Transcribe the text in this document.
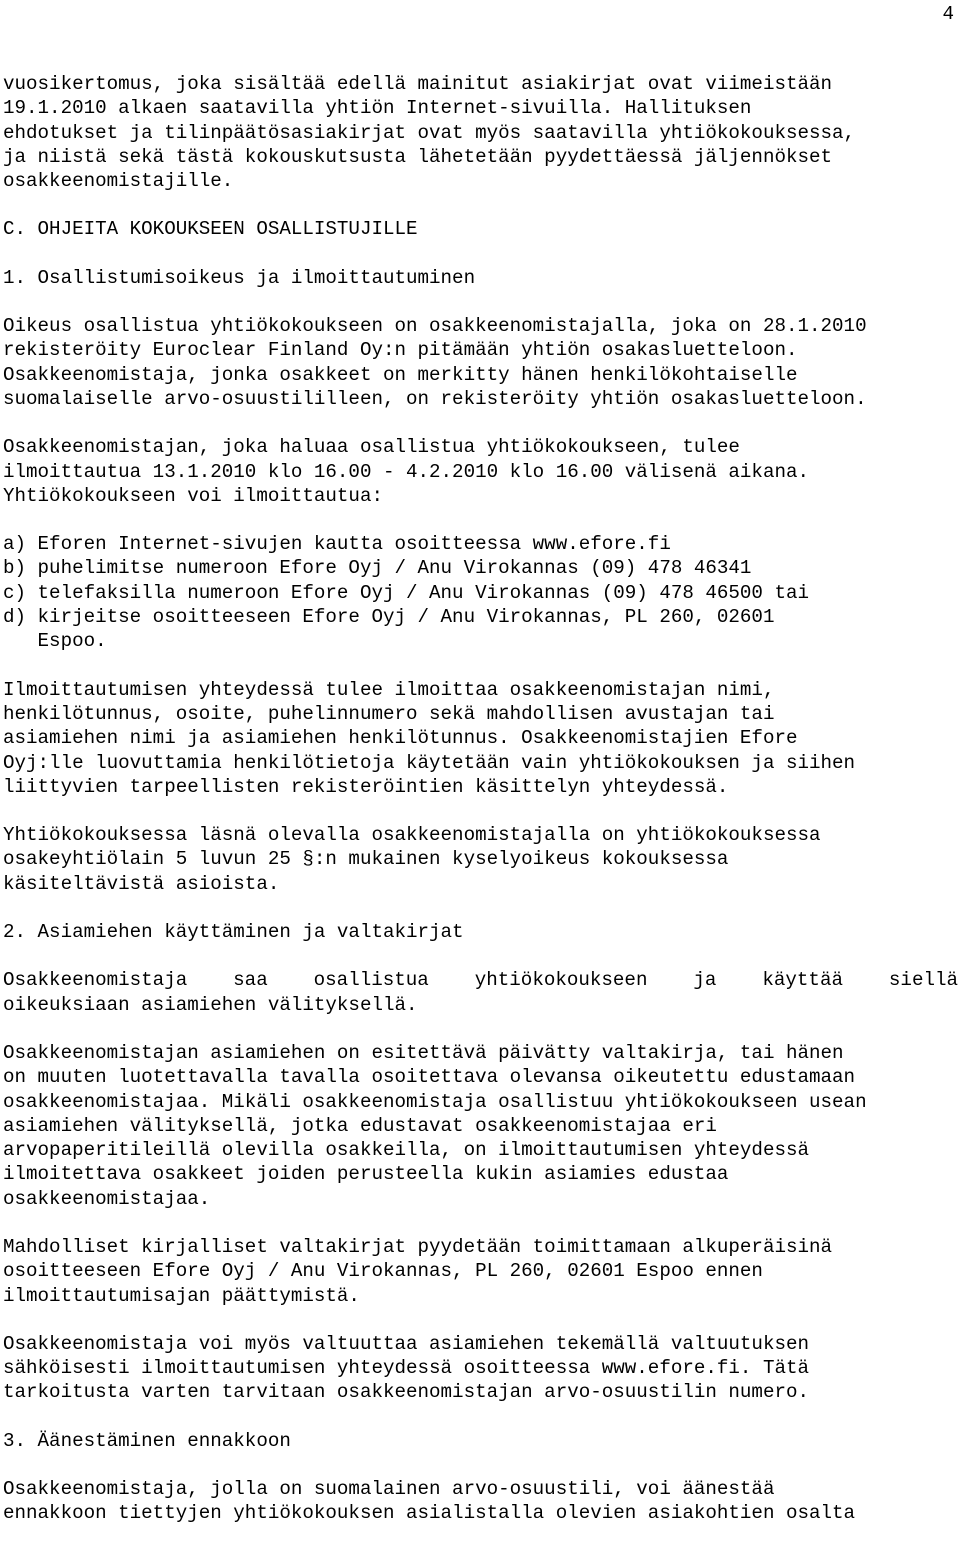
4
vuosikertomus, joka sisältää edellä mainitut asiakirjat ovat viimeistään
19.1.2010 alkaen saatavilla yhtiön Internet-sivuilla. Hallituksen
ehdotukset ja tilinpäätösasiakirjat ovat myös saatavilla yhtiökokouksessa,
ja niistä sekä tästä kokouskutsusta lähetetään pyydettäessä jäljennökset
osakkeenomistajille.
C. OHJEITA KOKOUKSEEN OSALLISTUJILLE
1. Osallistumisoikeus ja ilmoittautuminen
Oikeus osallistua yhtiökokoukseen on osakkeenomistajalla, joka on 28.1.2010
rekisteröity Euroclear Finland Oy:n pitämään yhtiön osakasluetteloon.
Osakkeenomistaja, jonka osakkeet on merkitty hänen henkilökohtaiselle
suomalaiselle arvo-osuustililleen, on rekisteröity yhtiön osakasluetteloon.
Osakkeenomistajan, joka haluaa osallistua yhtiökokoukseen, tulee
ilmoittautua 13.1.2010 klo 16.00 - 4.2.2010 klo 16.00 välisenä aikana.
Yhtiökokoukseen voi ilmoittautua:
a) Eforen Internet-sivujen kautta osoitteessa www.efore.fi
b) puhelimitse numeroon Efore Oyj / Anu Virokannas (09) 478 46341
c) telefaksilla numeroon Efore Oyj / Anu Virokannas (09) 478 46500 tai
d) kirjeitse osoitteeseen Efore Oyj / Anu Virokannas, PL 260, 02601
Espoo.
Ilmoittautumisen yhteydessä tulee ilmoittaa osakkeenomistajan nimi,
henkilötunnus, osoite, puhelinnumero sekä mahdollisen avustajan tai
asiamiehen nimi ja asiamiehen henkilötunnus. Osakkeenomistajien Efore
Oyj:lle luovuttamia henkilötietoja käytetään vain yhtiökokouksen ja siihen
liittyvien tarpeellisten rekisteröintien käsittelyn yhteydessä.
Yhtiökokouksessa läsnä olevalla osakkeenomistajalla on yhtiökokouksessa
osakeyhtiölain 5 luvun 25 §:n mukainen kyselyoikeus kokouksessa
käsiteltävistä asioista.
2. Asiamiehen käyttäminen ja valtakirjat
Osakkeenomistaja saa osallistua yhtiökokoukseen ja käyttää siellä
oikeuksiaan asiamiehen välityksellä.
Osakkeenomistajan asiamiehen on esitettävä päivätty valtakirja, tai hänen
on muuten luotettavalla tavalla osoitettava olevansa oikeutettu edustamaan
osakkeenomistajaa. Mikäli osakkeenomistaja osallistuu yhtiökokoukseen usean
asiamiehen välityksellä, jotka edustavat osakkeenomistajaa eri
arvopaperitileillä olevilla osakkeilla, on ilmoittautumisen yhteydessä
ilmoitettava osakkeet joiden perusteella kukin asiamies edustaa
osakkeenomistajaa.
Mahdolliset kirjalliset valtakirjat pyydetään toimittamaan alkuperäisinä
osoitteeseen Efore Oyj / Anu Virokannas, PL 260, 02601 Espoo ennen
ilmoittautumisajan päättymistä.
Osakkeenomistaja voi myös valtuuttaa asiamiehen tekemällä valtuutuksen
sähköisesti ilmoittautumisen yhteydessä osoitteessa www.efore.fi. Tätä
tarkoitusta varten tarvitaan osakkeenomistajan arvo-osuustilin numero.
3. Äänestäminen ennakkoon
Osakkeenomistaja, jolla on suomalainen arvo-osuustili, voi äänestää
ennakkoon tiettyjen yhtiökokouksen asialistalla olevien asiakohtien osalta
